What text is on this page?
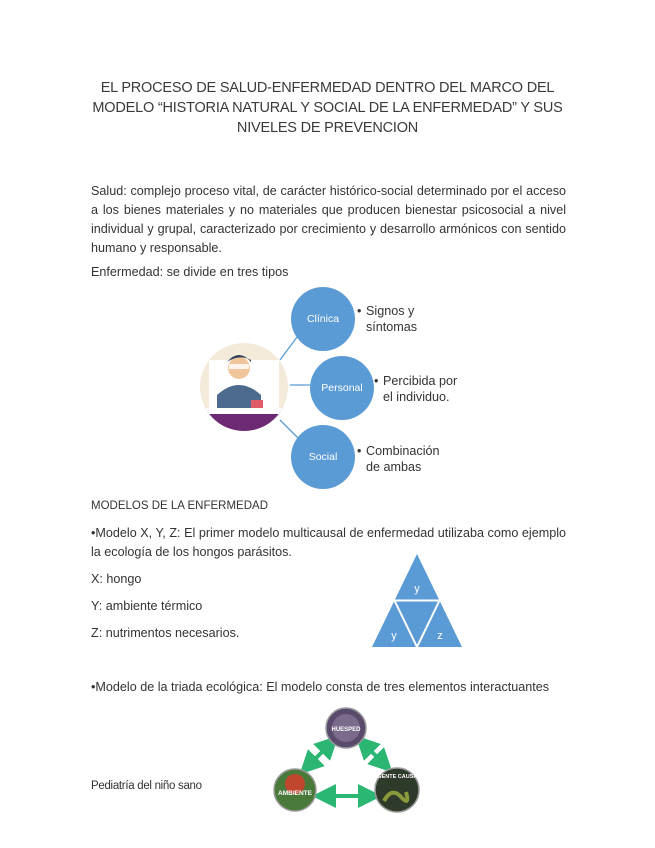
EL PROCESO DE SALUD-ENFERMEDAD DENTRO DEL MARCO DEL MODELO “HISTORIA NATURAL Y SOCIAL DE LA ENFERMEDAD” Y SUS NIVELES DE PREVENCION
Salud: complejo proceso vital, de carácter histórico-social determinado por el acceso a los bienes materiales y no materiales que producen bienestar psicosocial a nivel individual y grupal, caracterizado por crecimiento y desarrollo armónicos con sentido humano y responsable.
Enfermedad: se divide en tres tipos
Clínica
Personal
Social
• Signos y síntomas
• Percibida por el individuo.
• Combinación de ambas
MODELOS DE LA ENFERMEDAD
•Modelo X, Y, Z: El primer modelo multicausal de enfermedad utilizaba como ejemplo la ecología de los hongos parásitos.
X: hongo
Y: ambiente térmico
Z: nutrimentos necesarios.
y
y	z
•Modelo de la triada ecológica: El modelo consta de tres elementos interactuantes
HUESPED
AMBIENTE
AGENTE CAUSAL
Pediatría del niño sano
